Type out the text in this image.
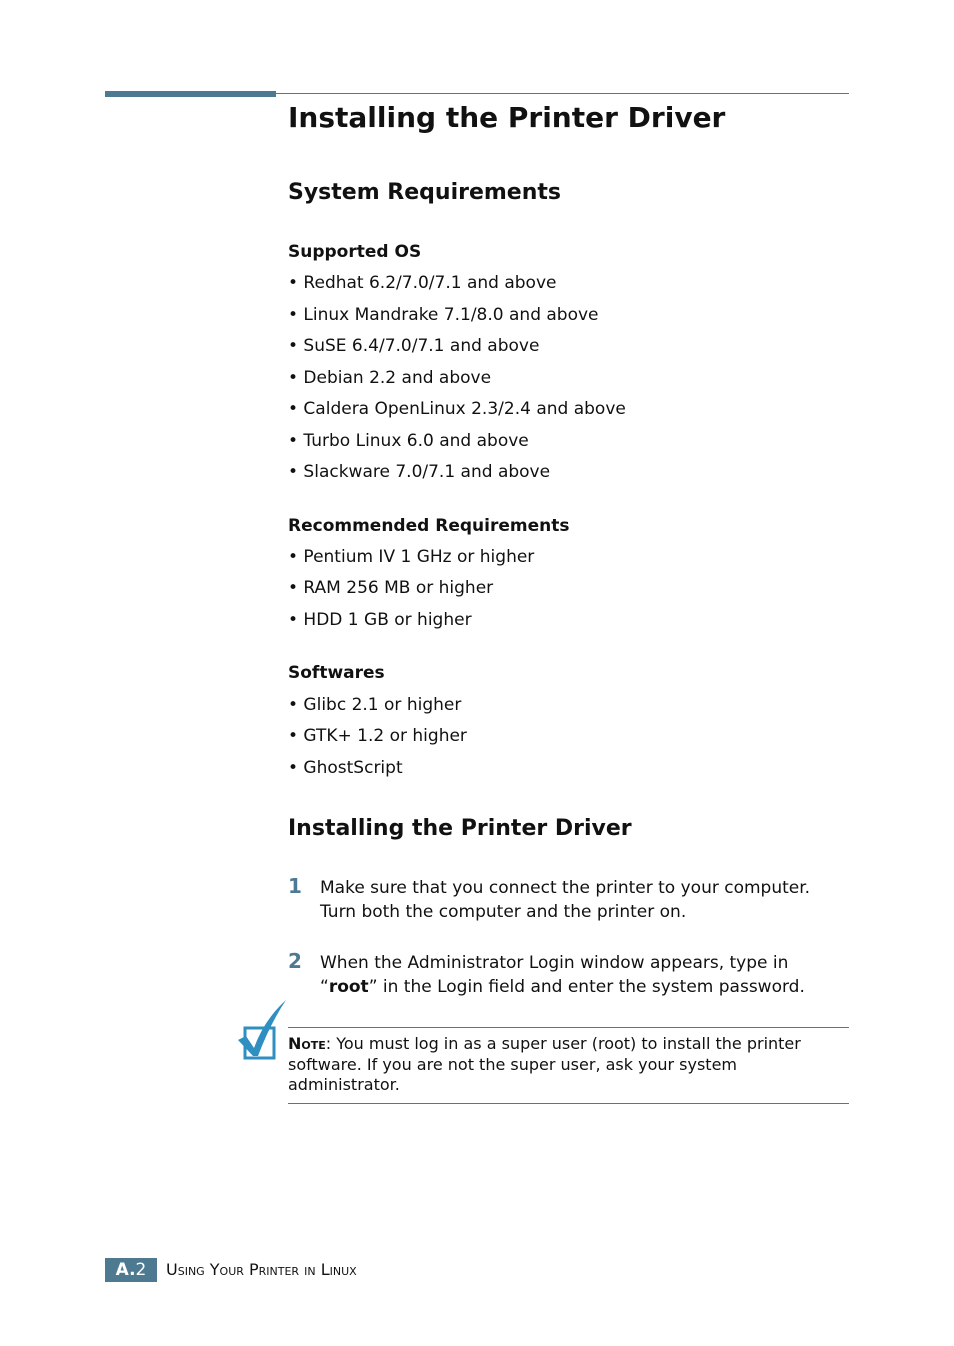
Installing the Printer Driver
System Requirements
Supported OS
• Redhat 6.2/7.0/7.1 and above
• Linux Mandrake 7.1/8.0 and above
• SuSE 6.4/7.0/7.1 and above
• Debian 2.2 and above
• Caldera OpenLinux 2.3/2.4 and above
• Turbo Linux 6.0 and above
• Slackware 7.0/7.1 and above
Recommended Requirements
• Pentium IV 1 GHz or higher
• RAM 256 MB or higher
• HDD 1 GB or higher
Softwares
• Glibc 2.1 or higher
• GTK+ 1.2 or higher
• GhostScript
Installing the Printer Driver
1 Make sure that you connect the printer to your computer.
Turn both the computer and the printer on.
2 When the Administrator Login window appears, type in
“root” in the Login field and enter the system password.
Note: You must log in as a super user (root) to install the printer software. If you are not the super user, ask your system administrator.
A.2	Using Your Printer in Linux
